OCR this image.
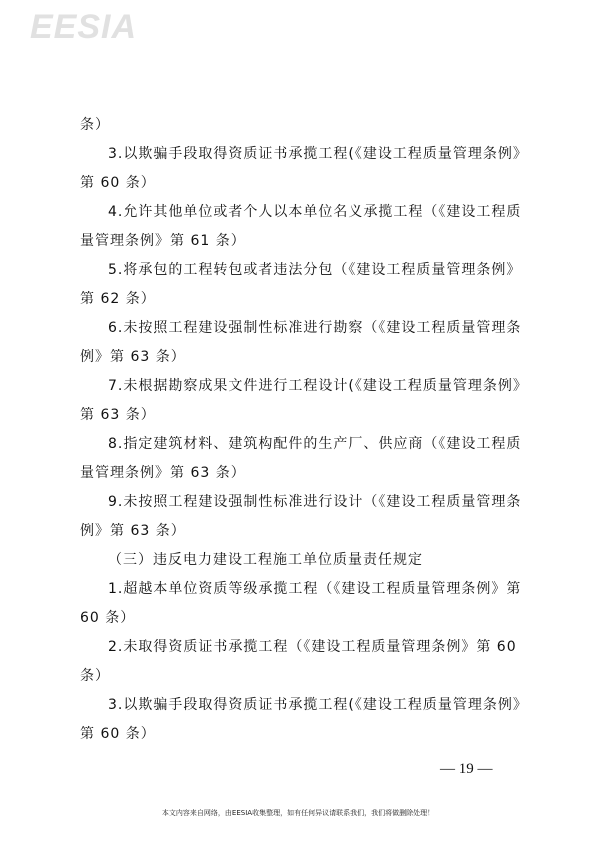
EESIA

条）

3.以欺骗手段取得资质证书承揽工程(《建设工程质量管理条例》

第 60 条）

4.允许其他单位或者个人以本单位名义承揽工程（《建设工程质

量管理条例》第 61 条）

5.将承包的工程转包或者违法分包（《建设工程质量管理条例》

第 62 条）

6.未按照工程建设强制性标准进行勘察（《建设工程质量管理条

例》第 63 条）

7.未根据勘察成果文件进行工程设计(《建设工程质量管理条例》

第 63 条）

8.指定建筑材料、建筑构配件的生产厂、供应商（《建设工程质

量管理条例》第 63 条）

9.未按照工程建设强制性标准进行设计（《建设工程质量管理条

例》第 63 条）

（三）违反电力建设工程施工单位质量责任规定

1.超越本单位资质等级承揽工程（《建设工程质量管理条例》第

60 条）

2.未取得资质证书承揽工程（《建设工程质量管理条例》第 60

条）

3.以欺骗手段取得资质证书承揽工程(《建设工程质量管理条例》

第 60 条）

— 19 —
本文内容来自网络，由EESIA收集整理，如有任何异议请联系我们，我们将做删除处理！
